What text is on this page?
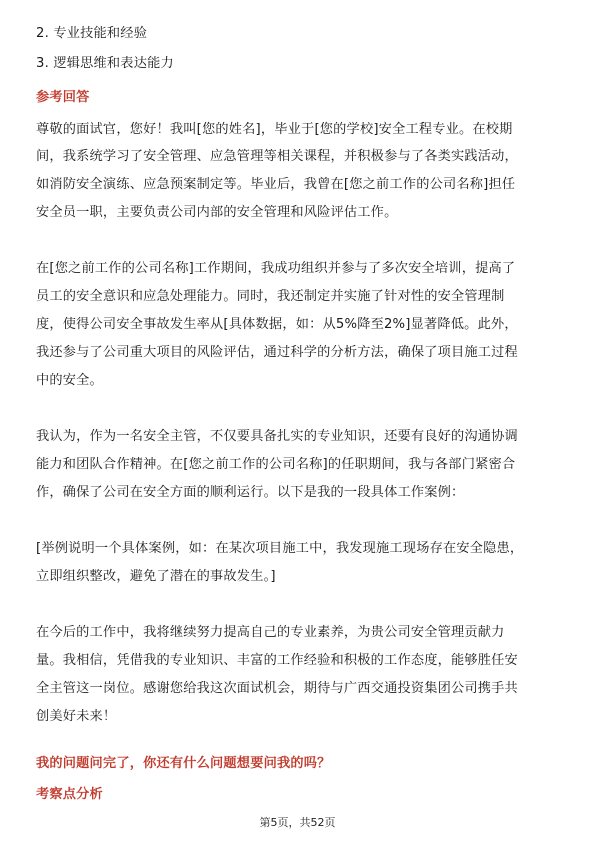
2. 专业技能和经验
3. 逻辑思维和表达能力
参考回答
尊敬的面试官，您好！我叫[您的姓名]，毕业于[您的学校]安全工程专业。在校期
间，我系统学习了安全管理、应急管理等相关课程，并积极参与了各类实践活动，
如消防安全演练、应急预案制定等。毕业后，我曾在[您之前工作的公司名称]担任
安全员一职，主要负责公司内部的安全管理和风险评估工作。
在[您之前工作的公司名称]工作期间，我成功组织并参与了多次安全培训，提高了
员工的安全意识和应急处理能力。同时，我还制定并实施了针对性的安全管理制
度，使得公司安全事故发生率从[具体数据，如：从5%降至2%]显著降低。此外，
我还参与了公司重大项目的风险评估，通过科学的分析方法，确保了项目施工过程
中的安全。
我认为，作为一名安全主管，不仅要具备扎实的专业知识，还要有良好的沟通协调
能力和团队合作精神。在[您之前工作的公司名称]的任职期间，我与各部门紧密合
作，确保了公司在安全方面的顺利运行。以下是我的一段具体工作案例：
[举例说明一个具体案例，如：在某次项目施工中，我发现施工现场存在安全隐患，
立即组织整改，避免了潜在的事故发生。]
在今后的工作中，我将继续努力提高自己的专业素养，为贵公司安全管理贡献力
量。我相信，凭借我的专业知识、丰富的工作经验和积极的工作态度，能够胜任安
全主管这一岗位。感谢您给我这次面试机会，期待与广西交通投资集团公司携手共
创美好未来！
我的问题问完了，你还有什么问题想要问我的吗？
考察点分析
第5页，共52页
